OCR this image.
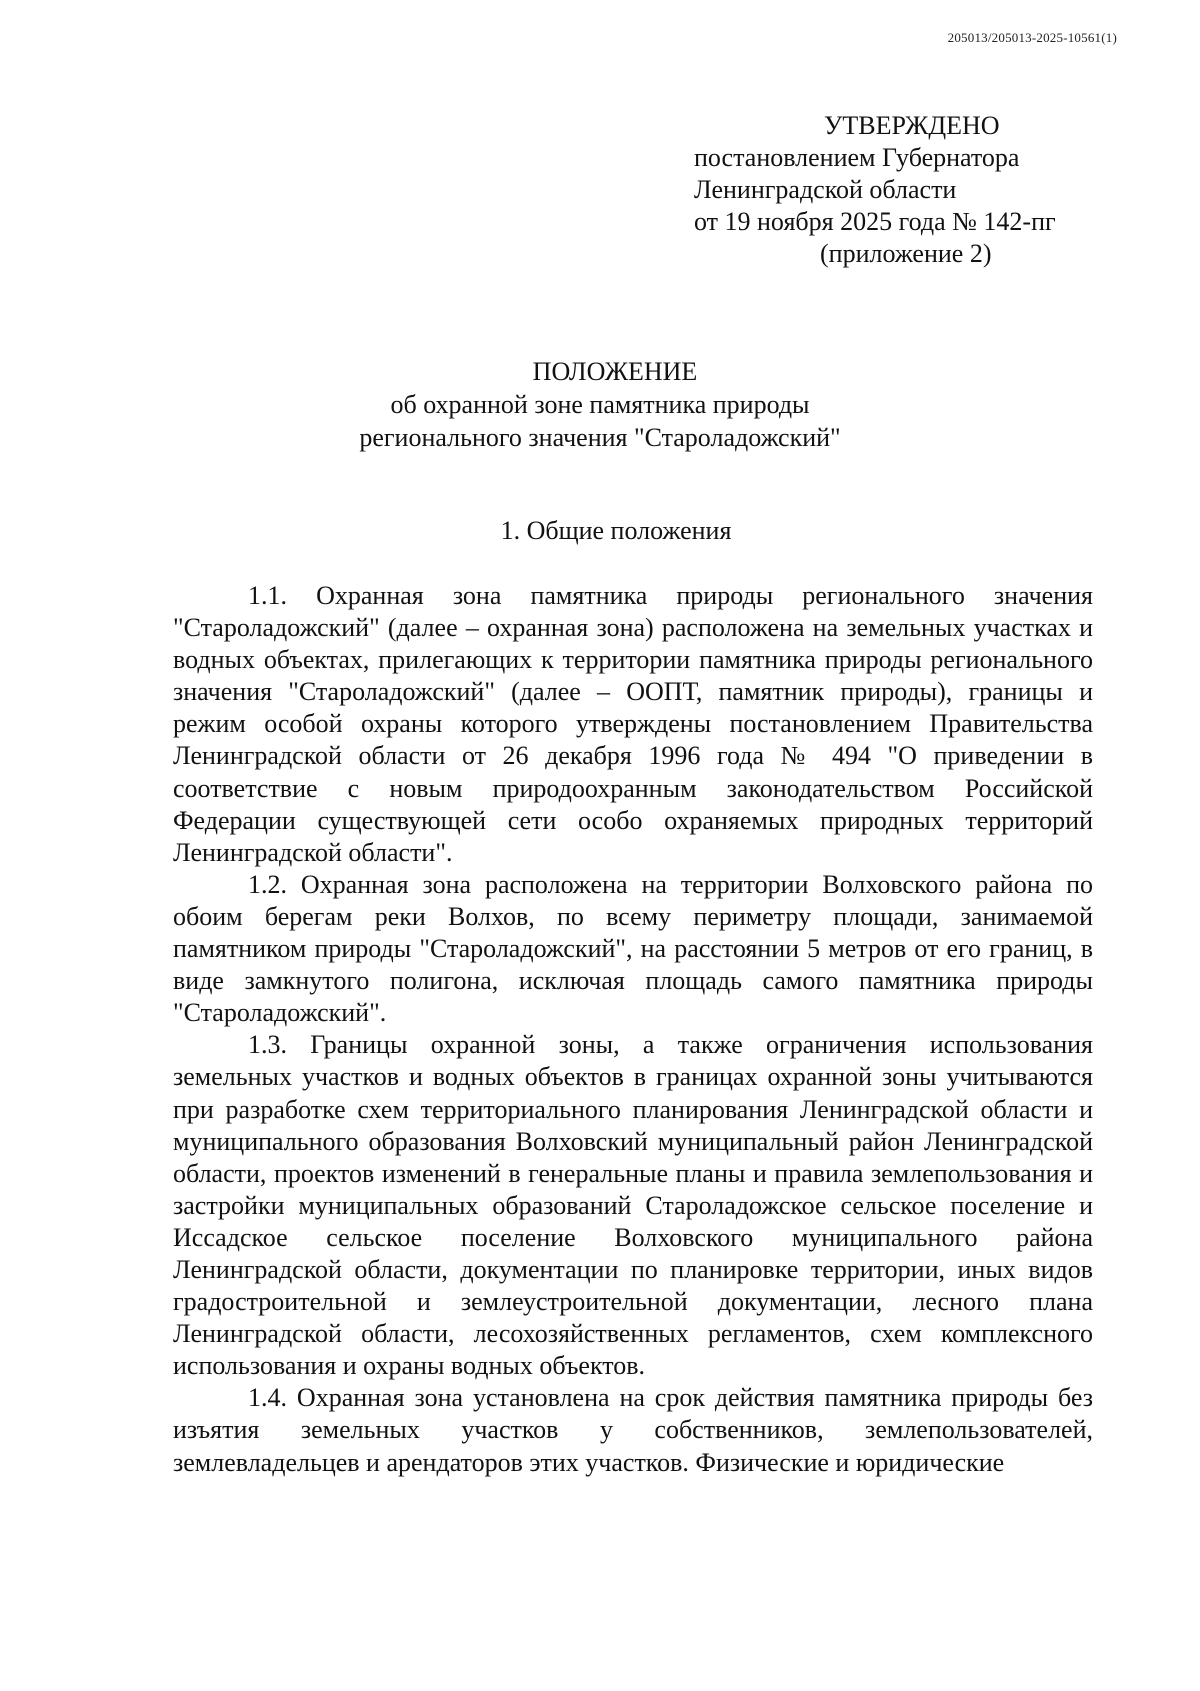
205013/205013-2025-10561(1)
УТВЕРЖДЕНО
постановлением Губернатора
Ленинградской области
от 19 ноября 2025 года № 142-пг
(приложение 2)
ПОЛОЖЕНИЕ
об охранной зоне памятника природы
регионального значения "Староладожский"
1. Общие положения

1.1. Охранная зона памятника природы регионального значения "Староладожский" (далее – охранная зона) расположена на земельных участках и водных объектах, прилегающих к территории памятника природы регионального значения "Староладожский" (далее – ООПТ, памятник природы), границы и режим особой охраны которого утверждены постановлением Правительства Ленинградской области от 26 декабря 1996 года № 494 "О приведении в соответствие с новым природоохранным законодательством Российской Федерации существующей сети особо охраняемых природных территорий Ленинградской области".

1.2. Охранная зона расположена на территории Волховского района по обоим берегам реки Волхов, по всему периметру площади, занимаемой памятником природы "Староладожский", на расстоянии 5 метров от его границ, в виде замкнутого полигона, исключая площадь самого памятника природы "Староладожский".

1.3. Границы охранной зоны, а также ограничения использования земельных участков и водных объектов в границах охранной зоны учитываются при разработке схем территориального планирования Ленинградской области и муниципального образования Волховский муниципальный район Ленинградской области, проектов изменений в генеральные планы и правила землепользования и застройки муниципальных образований Староладожское сельское поселение и Иссадское сельское поселение Волховского муниципального района Ленинградской области, документации по планировке территории, иных видов градостроительной и землеустроительной документации, лесного плана Ленинградской области, лесохозяйственных регламентов, схем комплексного использования и охраны водных объектов.

1.4. Охранная зона установлена на срок действия памятника природы без изъятия земельных участков у собственников, землепользователей, землевладельцев и арендаторов этих участков. Физические и юридические
